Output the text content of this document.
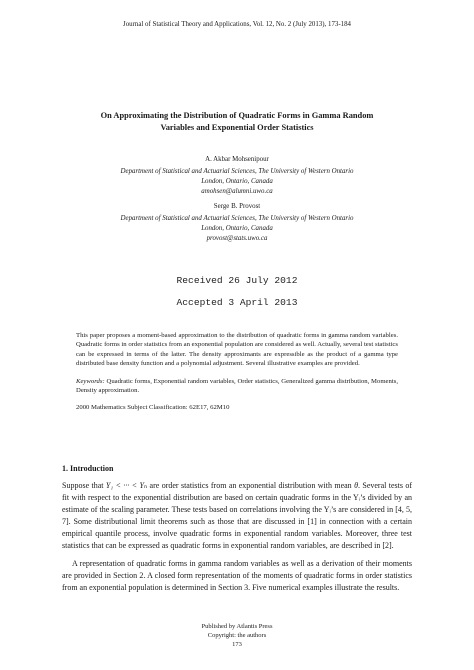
Journal of Statistical Theory and Applications, Vol. 12, No. 2 (July 2013), 173-184
On Approximating the Distribution of Quadratic Forms in Gamma Random
Variables and Exponential Order Statistics
A. Akbar Mohsenipour
Department of Statistical and Actuarial Sciences, The University of Western Ontario
London, Ontario, Canada
amohsen@alumni.uwo.ca
Serge B. Provost
Department of Statistical and Actuarial Sciences, The University of Western Ontario
London, Ontario, Canada
provost@stats.uwo.ca
Received 26 July 2012
Accepted 3 April 2013

This paper proposes a moment-based approximation to the distribution of quadratic forms in gamma random variables. Quadratic forms in order statistics from an exponential population are considered as well. Actually, several test statistics can be expressed in terms of the latter. The density approximants are expressible as the product of a gamma type distributed base density function and a polynomial adjustment. Several illustrative examples are provided.

Keywords: Quadratic forms, Exponential random variables, Order statistics, Generalized gamma distribution, Moments, Density approximation.

2000 Mathematics Subject Classification: 62E17, 62M10

1. Introduction

Suppose that Y₁ < ··· < Yₙ are order statistics from an exponential distribution with mean θ. Several tests of fit with respect to the exponential distribution are based on certain quadratic forms in the Yᵢ’s divided by an estimate of the scaling parameter. These tests based on correlations involving the Yᵢ’s are considered in [4, 5, 7]. Some distributional limit theorems such as those that are discussed in [1] in connection with a certain empirical quantile process, involve quadratic forms in exponential random variables. Moreover, three test statistics that can be expressed as quadratic forms in exponential random variables, are described in [2].

A representation of quadratic forms in gamma random variables as well as a derivation of their moments are provided in Section 2. A closed form representation of the moments of quadratic forms in order statistics from an exponential population is determined in Section 3. Five numerical examples illustrate the results.

Published by Atlantis Press
Copyright: the authors
173
